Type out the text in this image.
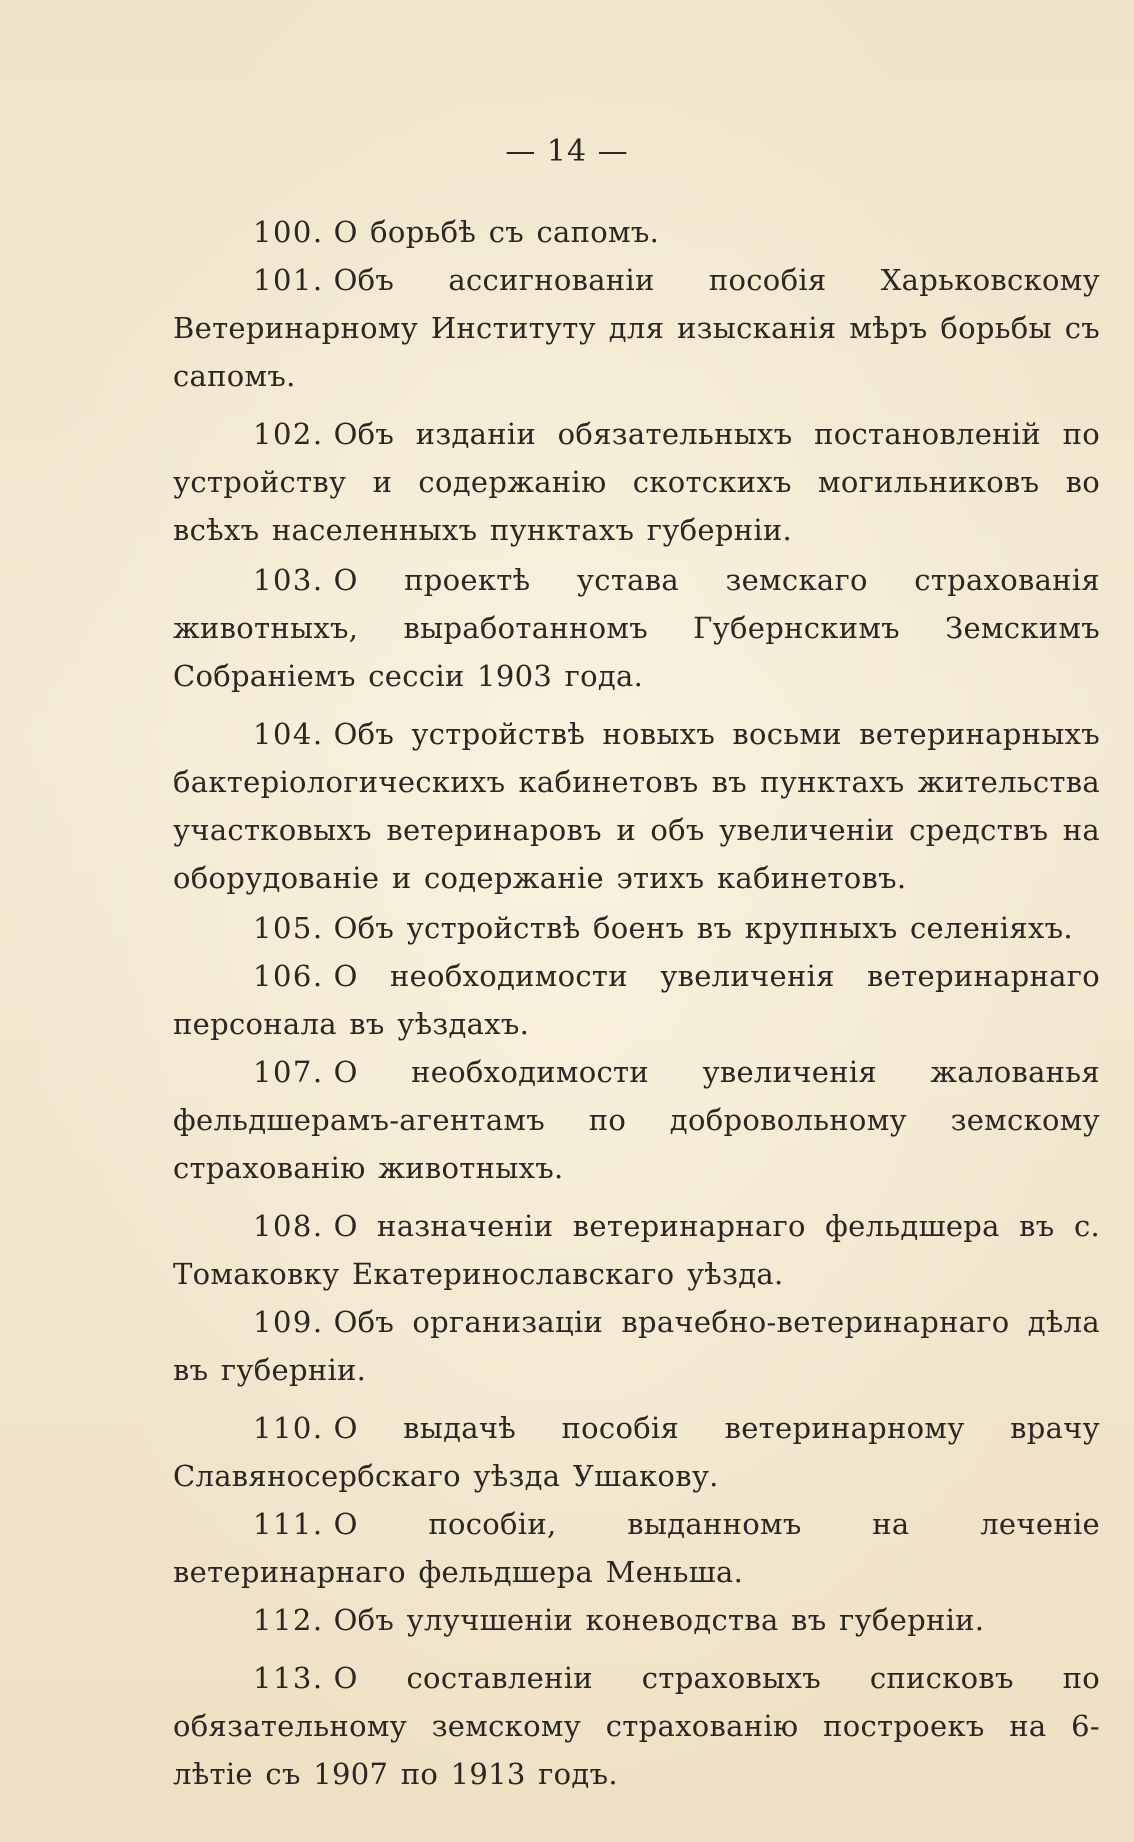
— 14 —

100. О борьбѣ съ сапомъ.

101. Объ ассигнованіи пособія Харьковскому Ветеринарному Институту для изысканія мѣръ борьбы съ сапомъ.

102. Объ изданіи обязательныхъ постановленій по устройству и содержанію скотскихъ могильниковъ во всѣхъ населенныхъ пунктахъ губерніи.

103. О проектѣ устава земскаго страхованія животныхъ, выработанномъ Губернскимъ Земскимъ Собраніемъ сессіи 1903 года.

104. Объ устройствѣ новыхъ восьми ветеринарныхъ бактеріологическихъ кабинетовъ въ пунктахъ жительства участковыхъ ветеринаровъ и объ увеличеніи средствъ на оборудованіе и содержаніе этихъ кабинетовъ.

105. Объ устройствѣ боенъ въ крупныхъ селеніяхъ.

106. О необходимости увеличенія ветеринарнаго персонала въ уѣздахъ.

107. О необходимости увеличенія жалованья фельдшерамъ-агентамъ по добровольному земскому страхованію животныхъ.

108. О назначеніи ветеринарнаго фельдшера въ с. Томаковку Екатеринославскаго уѣзда.

109. Объ организаціи врачебно-ветеринарнаго дѣла въ губерніи.

110. О выдачѣ пособія ветеринарному врачу Славяносербскаго уѣзда Ушакову.

111. О пособіи, выданномъ на леченіе ветеринарнаго фельдшера Меньша.

112. Объ улучшеніи коневодства въ губерніи.

113. О составленіи страховыхъ списковъ по обязательному земскому страхованію построекъ на 6-лѣтіе съ 1907 по 1913 годъ.
